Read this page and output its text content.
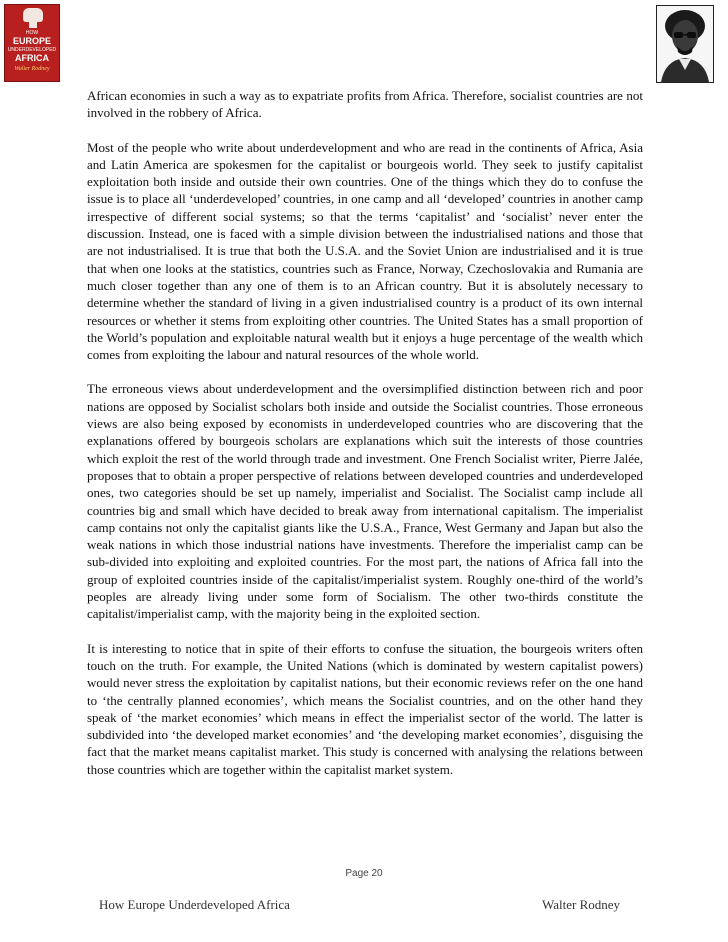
HOW
EUROPE
UNDERDEVELOPED
AFRICA
Walter Rodney

African economies in such a way as to expatriate profits from Africa. Therefore, socialist countries are not involved in the robbery of Africa.

Most of the people who write about underdevelopment and who are read in the continents of Africa, Asia and Latin America are spokesmen for the capitalist or bourgeois world. They seek to justify capitalist exploitation both inside and outside their own countries. One of the things which they do to confuse the issue is to place all ‘underdeveloped’ countries, in one camp and all ‘developed’ countries in another camp irrespective of different social systems; so that the terms ‘capitalist’ and ‘socialist’ never enter the discussion. Instead, one is faced with a simple division between the industrialised nations and those that are not industrialised. It is true that both the U.S.A. and the Soviet Union are industrialised and it is true that when one looks at the statistics, countries such as France, Norway, Czechoslovakia and Rumania are much closer together than any one of them is to an African country. But it is absolutely necessary to determine whether the standard of living in a given industrialised country is a product of its own internal resources or whether it stems from exploiting other countries. The United States has a small proportion of the World’s population and exploitable natural wealth but it enjoys a huge percentage of the wealth which comes from exploiting the labour and natural resources of the whole world.

The erroneous views about underdevelopment and the oversimplified distinction between rich and poor nations are opposed by Socialist scholars both inside and outside the Socialist countries. Those erroneous views are also being exposed by economists in underdeveloped countries who are discovering that the explanations offered by bourgeois scholars are explanations which suit the interests of those countries which exploit the rest of the world through trade and investment. One French Socialist writer, Pierre Jalée, proposes that to obtain a proper perspective of relations between developed countries and underdeveloped ones, two categories should be set up namely, imperialist and Socialist. The Socialist camp include all countries big and small which have decided to break away from international capitalism. The imperialist camp contains not only the capitalist giants like the U.S.A., France, West Germany and Japan but also the weak nations in which those industrial nations have investments. Therefore the imperialist camp can be sub-divided into exploiting and exploited countries. For the most part, the nations of Africa fall into the group of exploited countries inside of the capitalist/imperialist system. Roughly one-third of the world’s peoples are already living under some form of Socialism. The other two-thirds constitute the capitalist/imperialist camp, with the majority being in the exploited section.

It is interesting to notice that in spite of their efforts to confuse the situation, the bourgeois writers often touch on the truth. For example, the United Nations (which is dominated by western capitalist powers) would never stress the exploitation by capitalist nations, but their economic reviews refer on the one hand to ‘the centrally planned economies’, which means the Socialist countries, and on the other hand they speak of ‘the market economies’ which means in effect the imperialist sector of the world. The latter is subdivided into ‘the developed market economies’ and ‘the developing market economies’, disguising the fact that the market means capitalist market. This study is concerned with analysing the relations between those countries which are together within the capitalist market system.

Page 20
How Europe Underdeveloped Africa	Walter Rodney
